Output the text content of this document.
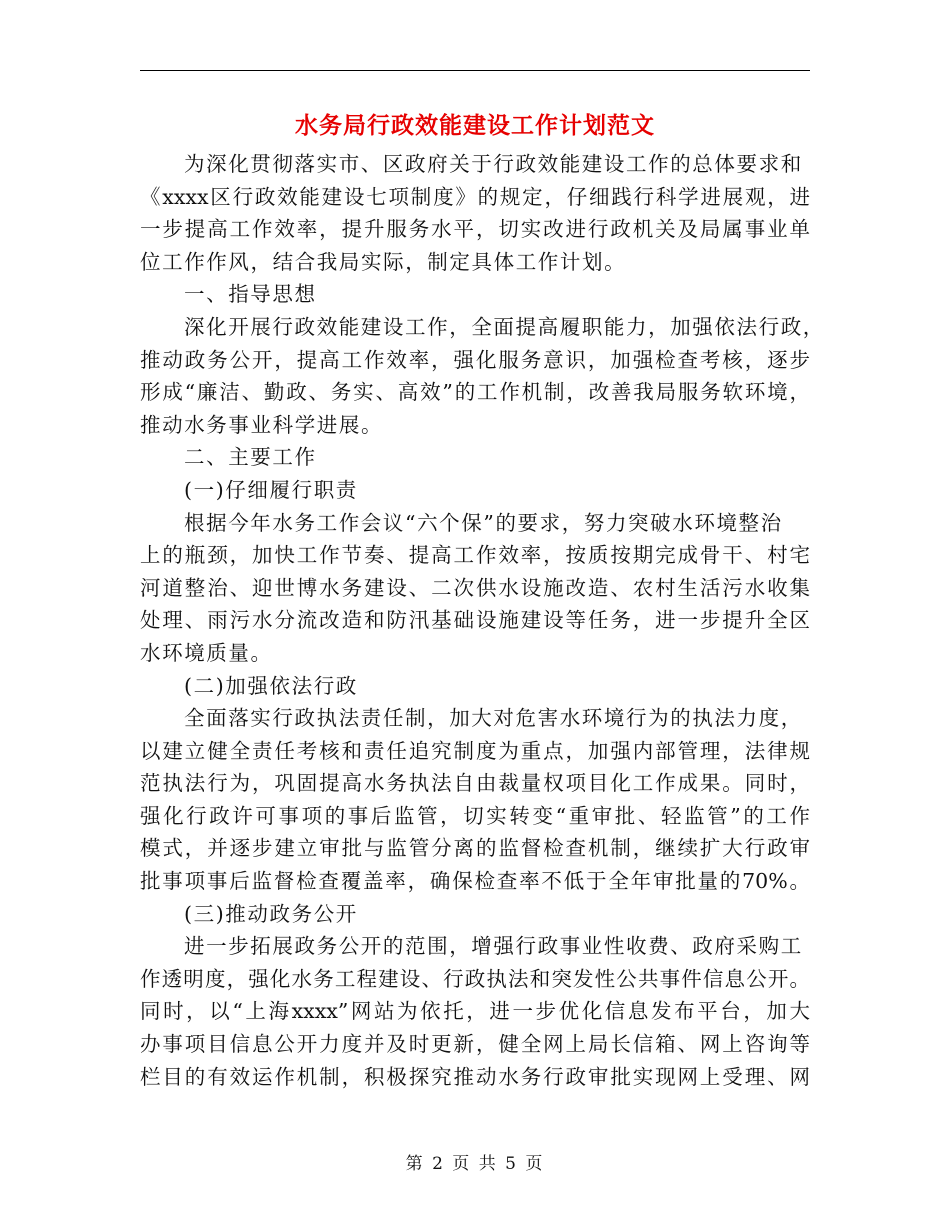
水务局行政效能建设工作计划范文
为深化贯彻落实市、区政府关于行政效能建设工作的总体要求和
《xxxx区行政效能建设七项制度》的规定，仔细践行科学进展观，进
一步提高工作效率，提升服务水平，切实改进行政机关及局属事业单
位工作作风，结合我局实际，制定具体工作计划。
一、指导思想
深化开展行政效能建设工作，全面提高履职能力，加强依法行政，
推动政务公开，提高工作效率，强化服务意识，加强检查考核，逐步
形成“廉洁、勤政、务实、高效”的工作机制，改善我局服务软环境，
推动水务事业科学进展。
二、主要工作
(一)仔细履行职责
根据今年水务工作会议“六个保”的要求，努力突破水环境整治
上的瓶颈，加快工作节奏、提高工作效率，按质按期完成骨干、村宅
河道整治、迎世博水务建设、二次供水设施改造、农村生活污水收集
处理、雨污水分流改造和防汛基础设施建设等任务，进一步提升全区
水环境质量。
(二)加强依法行政
全面落实行政执法责任制，加大对危害水环境行为的执法力度，
以建立健全责任考核和责任追究制度为重点，加强内部管理，法律规
范执法行为，巩固提高水务执法自由裁量权项目化工作成果。同时，
强化行政许可事项的事后监管，切实转变“重审批、轻监管”的工作
模式，并逐步建立审批与监管分离的监督检查机制，继续扩大行政审
批事项事后监督检查覆盖率，确保检查率不低于全年审批量的70%。
(三)推动政务公开
进一步拓展政务公开的范围，增强行政事业性收费、政府采购工
作透明度，强化水务工程建设、行政执法和突发性公共事件信息公开。
同时，以“上海xxxx”网站为依托，进一步优化信息发布平台，加大
办事项目信息公开力度并及时更新，健全网上局长信箱、网上咨询等
栏目的有效运作机制，积极探究推动水务行政审批实现网上受理、网
第 2 页 共 5 页
